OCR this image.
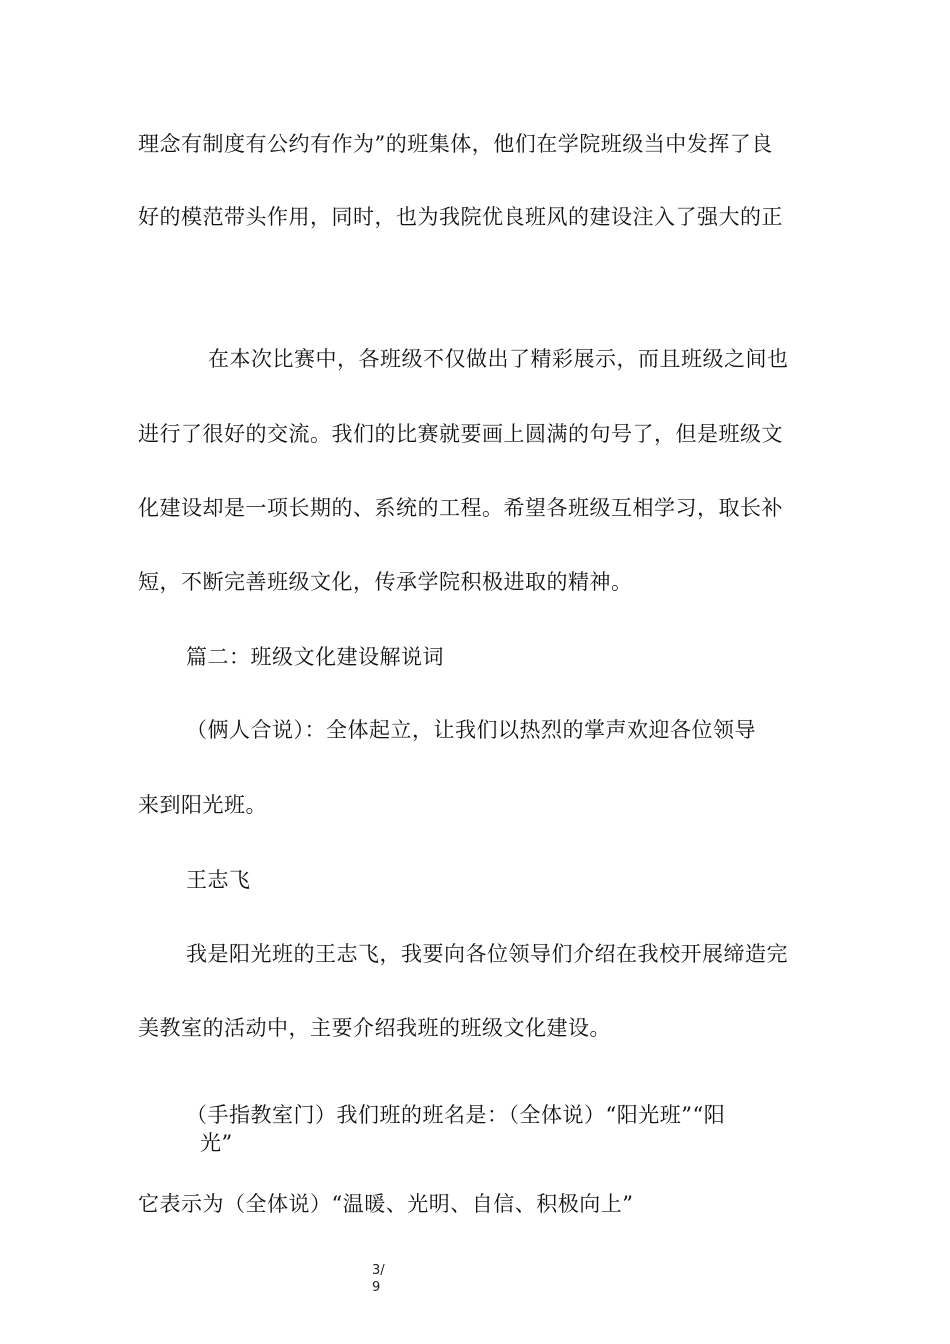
理念有制度有公约有作为”的班集体，他们在学院班级当中发挥了良
好的模范带头作用，同时，也为我院优良班风的建设注入了强大的正
在本次比赛中，各班级不仅做出了精彩展示，而且班级之间也
进行了很好的交流。我们的比赛就要画上圆满的句号了，但是班级文
化建设却是一项长期的、系统的工程。希望各班级互相学习，取长补
短，不断完善班级文化，传承学院积极进取的精神。
篇二：班级文化建设解说词
（俩人合说）：全体起立，让我们以热烈的掌声欢迎各位领导
来到阳光班。
王志飞
我是阳光班的王志飞，我要向各位领导们介绍在我校开展缔造完
美教室的活动中，主要介绍我班的班级文化建设。
（手指教室门）我们班的班名是：（全体说）“阳光班”“阳
光”
它表示为（全体说）“温暖、光明、自信、积极向上”
3/
9
